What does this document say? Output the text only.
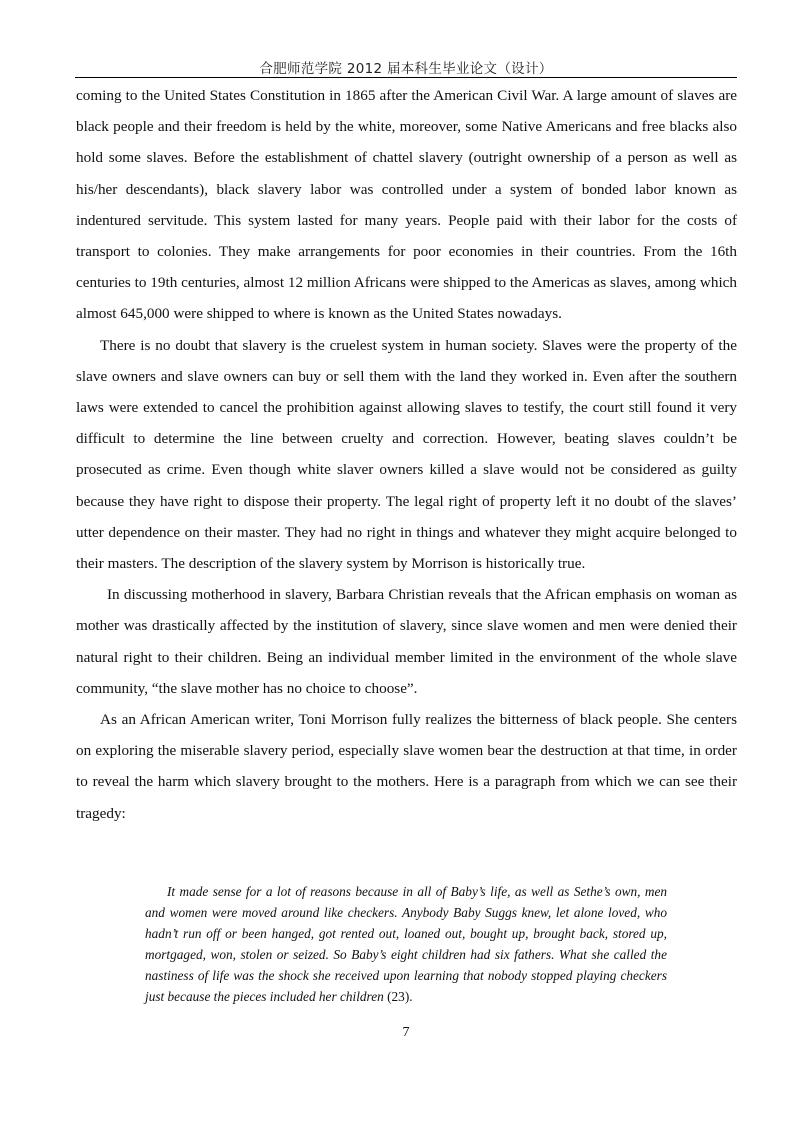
合肥师范学院 2012 届本科生毕业论文（设计）

coming to the United States Constitution in 1865 after the American Civil War. A large amount of slaves are black people and their freedom is held by the white, moreover, some Native Americans and free blacks also hold some slaves. Before the establishment of chattel slavery (outright ownership of a person as well as his/her descendants), black slavery labor was controlled under a system of bonded labor known as indentured servitude. This system lasted for many years. People paid with their labor for the costs of transport to colonies. They make arrangements for poor economies in their countries. From the 16th centuries to 19th centuries, almost 12 million Africans were shipped to the Americas as slaves, among which almost 645,000 were shipped to where is known as the United States nowadays.

There is no doubt that slavery is the cruelest system in human society. Slaves were the property of the slave owners and slave owners can buy or sell them with the land they worked in. Even after the southern laws were extended to cancel the prohibition against allowing slaves to testify, the court still found it very difficult to determine the line between cruelty and correction. However, beating slaves couldn’t be prosecuted as crime. Even though white slaver owners killed a slave would not be considered as guilty because they have right to dispose their property. The legal right of property left it no doubt of the slaves’ utter dependence on their master. They had no right in things and whatever they might acquire belonged to their masters. The description of the slavery system by Morrison is historically true.

In discussing motherhood in slavery, Barbara Christian reveals that the African emphasis on woman as mother was drastically affected by the institution of slavery, since slave women and men were denied their natural right to their children. Being an individual member limited in the environment of the whole slave community, “the slave mother has no choice to choose”.

As an African American writer, Toni Morrison fully realizes the bitterness of black people. She centers on exploring the miserable slavery period, especially slave women bear the destruction at that time, in order to reveal the harm which slavery brought to the mothers. Here is a paragraph from which we can see their tragedy:

It made sense for a lot of reasons because in all of Baby’s life, as well as Sethe’s own, men and women were moved around like checkers. Anybody Baby Suggs knew, let alone loved, who hadn’t run off or been hanged, got rented out, loaned out, bought up, brought back, stored up, mortgaged, won, stolen or seized. So Baby’s eight children had six fathers. What she called the nastiness of life was the shock she received upon learning that nobody stopped playing checkers just because the pieces included her children (23).

7
